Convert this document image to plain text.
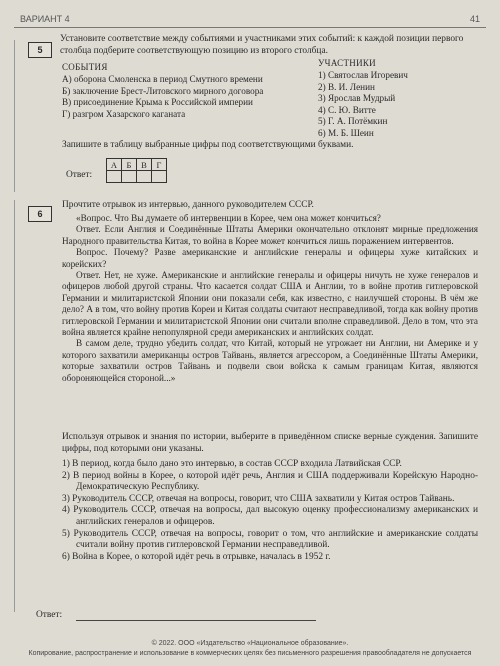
ВАРИАНТ 4	41
5
Установите соответствие между событиями и участниками этих событий: к каждой позиции первого столбца подберите соответствующую позицию из второго столбца.
СОБЫТИЯ	УЧАСТНИКИ
А) оборона Смоленска в период Смутного времени
Б) заключение Брест-Литовского мирного договора
В) присоединение Крыма к Российской империи
Г) разгром Хазарского каганата
1) Святослав Игоревич
2) В. И. Ленин
3) Ярослав Мудрый
4) С. Ю. Витте
5) Г. А. Потёмкин
6) М. Б. Шеин
Запишите в таблицу выбранные цифры под соответствующими буквами.
Ответ:
А	Б	В	Г

6
Прочтите отрывок из интервью, данного руководителем СССР.

«Вопрос. Что Вы думаете об интервенции в Корее, чем она может кончиться?

Ответ. Если Англия и Соединённые Штаты Америки окончательно отклонят мирные предложения Народного правительства Китая, то война в Корее может кончиться лишь поражением интервентов.

Вопрос. Почему? Разве американские и английские генералы и офицеры хуже китайских и корейских?

Ответ. Нет, не хуже. Американские и английские генералы и офицеры ничуть не хуже генералов и офицеров любой другой страны. Что касается солдат США и Англии, то в войне против гитлеровской Германии и милитаристской Японии они показали себя, как известно, с наилучшей стороны. В чём же дело? А в том, что войну против Кореи и Китая солдаты считают несправедливой, тогда как войну против гитлеровской Германии и милитаристской Японии они считали вполне справедливой. Дело в том, что эта война является крайне непопулярной среди американских и английских солдат.

В самом деле, трудно убедить солдат, что Китай, который не угрожает ни Англии, ни Америке и у которого захватили американцы остров Тайвань, является агрессором, а Соединённые Штаты Америки, которые захватили остров Тайвань и подвели свои войска к самым границам Китая, являются обороняющейся стороной...»

Используя отрывок и знания по истории, выберите в приведённом списке верные суждения. Запишите цифры, под которыми они указаны.

1) В период, когда было дано это интервью, в состав СССР входила Латвийская ССР.

2) В период войны в Корее, о которой идёт речь, Англия и США поддерживали Корейскую Народно-Демократическую Республику.

3) Руководитель СССР, отвечая на вопросы, говорит, что США захватили у Китая остров Тайвань.

4) Руководитель СССР, отвечая на вопросы, дал высокую оценку профессионализму американских и английских генералов и офицеров.

5) Руководитель СССР, отвечая на вопросы, говорит о том, что английские и американские солдаты считали войну против гитлеровской Германии несправедливой.

6) Война в Корее, о которой идёт речь в отрывке, началась в 1952 г.

Ответ:
© 2022. ООО «Издательство «Национальное образование».
Копирование, распространение и использование в коммерческих целях без письменного разрешения правообладателя не допускается
